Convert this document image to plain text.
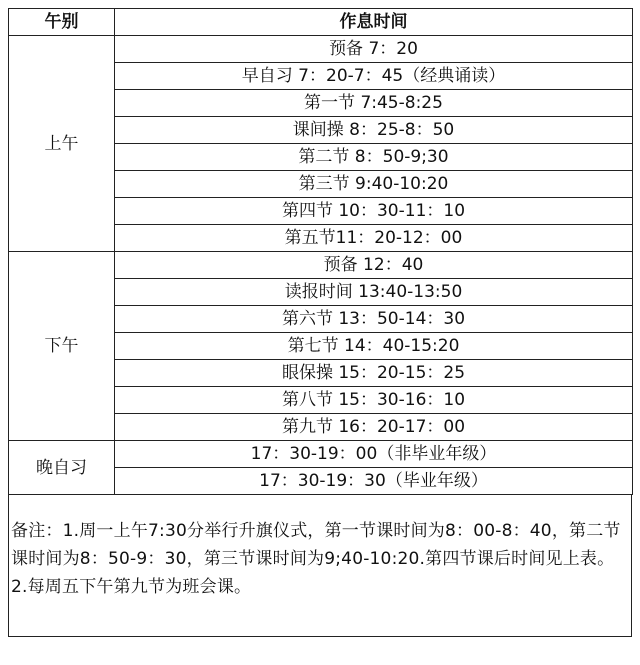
午别	作息时间
上午	预备 7：20
	早自习 7：20-7：45（经典诵读）
	第一节 7:45-8:25
	课间操 8：25-8：50
	第二节 8：50-9;30
	第三节 9:40-10:20
	第四节 10：30-11：10
	第五节11：20-12：00
下午	预备 12：40
	读报时间 13:40-13:50
	第六节 13：50-14：30
	第七节 14：40-15:20
	眼保操 15：20-15：25
	第八节 15：30-16：10
	第九节 16：20-17：00
晚自习	17：30-19：00（非毕业年级）
	17：30-19：30（毕业年级）
备注：1.周一上午7:30分举行升旗仪式，第一节课时间为8：00-8：40，第二节课时间为8：50-9：30，第三节课时间为9;40-10:20.第四节课后时间见上表。2.每周五下午第九节为班会课。
